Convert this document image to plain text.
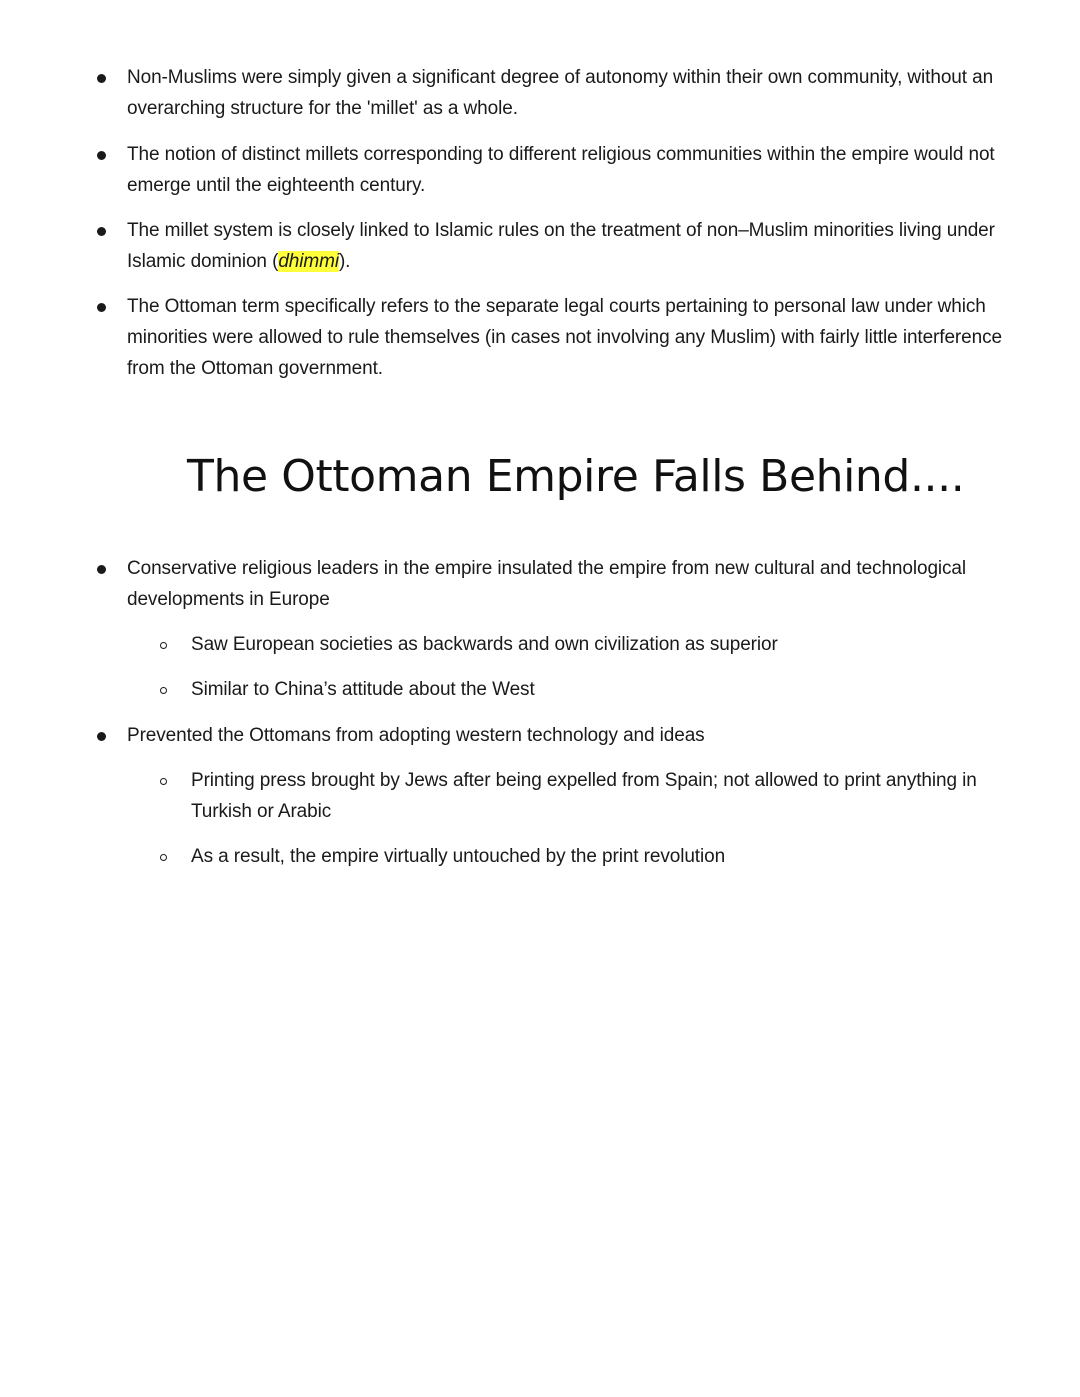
Non-Muslims were simply given a significant degree of autonomy within their own community, without an overarching structure for the 'millet' as a whole.
The notion of distinct millets corresponding to different religious communities within the empire would not emerge until the eighteenth century.
The millet system is closely linked to Islamic rules on the treatment of non–Muslim minorities living under Islamic dominion (dhimmi).
The Ottoman term specifically refers to the separate legal courts pertaining to personal law under which minorities were allowed to rule themselves (in cases not involving any Muslim) with fairly little interference from the Ottoman government.
The Ottoman Empire Falls Behind....
Conservative religious leaders in the empire insulated the empire from new cultural and technological developments in Europe
Saw European societies as backwards and own civilization as superior
Similar to China’s attitude about the West
Prevented the Ottomans from adopting western technology and ideas
Printing press brought by Jews after being expelled from Spain; not allowed to print anything in Turkish or Arabic
As a result, the empire virtually untouched by the print revolution
